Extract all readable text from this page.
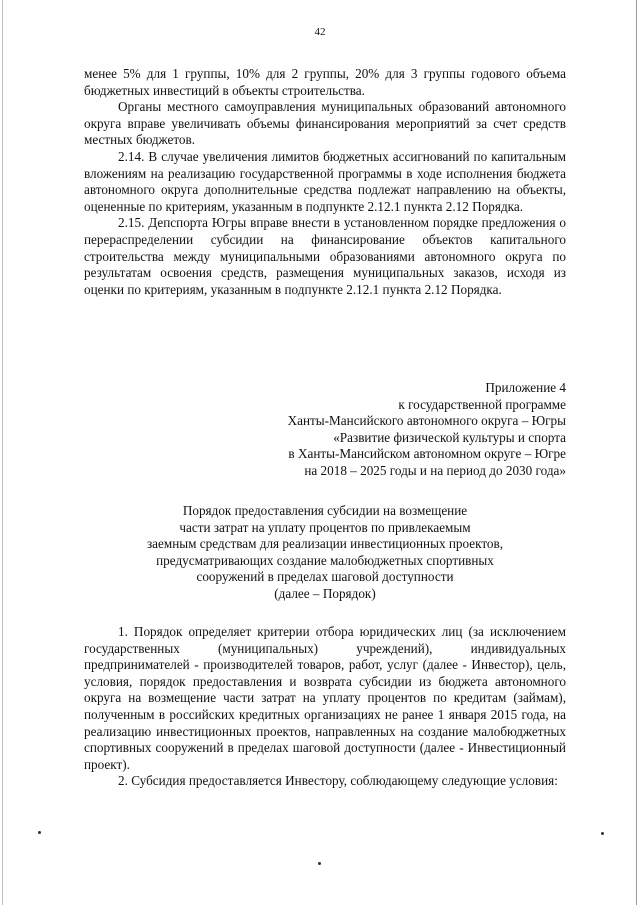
42

менее 5% для 1 группы, 10% для 2 группы, 20% для 3 группы годового объема бюджетных инвестиций в объекты строительства.

Органы местного самоуправления муниципальных образований автономного округа вправе увеличивать объемы финансирования мероприятий за счет средств местных бюджетов.

2.14. В случае увеличения лимитов бюджетных ассигнований по капитальным вложениям на реализацию государственной программы в ходе исполнения бюджета автономного округа дополнительные средства подлежат направлению на объекты, оцененные по критериям, указанным в подпункте 2.12.1 пункта 2.12 Порядка.

2.15. Депспорта Югры вправе внести в установленном порядке предложения о перераспределении субсидии на финансирование объектов капитального строительства между муниципальными образованиями автономного округа по результатам освоения средств, размещения муниципальных заказов, исходя из оценки по критериям, указанным в подпункте 2.12.1 пункта 2.12 Порядка.

Приложение 4
к государственной программе
Ханты-Мансийского автономного округа – Югры
«Развитие физической культуры и спорта
в Ханты-Мансийском автономном округе – Югре
на 2018 – 2025 годы и на период до 2030 года»
Порядок предоставления субсидии на возмещение
части затрат на уплату процентов по привлекаемым
заемным средствам для реализации инвестиционных проектов,
предусматривающих создание малобюджетных спортивных
сооружений в пределах шаговой доступности
(далее – Порядок)

1. Порядок определяет критерии отбора юридических лиц (за исключением государственных (муниципальных) учреждений), индивидуальных предпринимателей - производителей товаров, работ, услуг (далее - Инвестор), цель, условия, порядок предоставления и возврата субсидии из бюджета автономного округа на возмещение части затрат на уплату процентов по кредитам (займам), полученным в российских кредитных организациях не ранее 1 января 2015 года, на реализацию инвестиционных проектов, направленных на создание малобюджетных спортивных сооружений в пределах шаговой доступности (далее - Инвестиционный проект).

2. Субсидия предоставляется Инвестору, соблюдающему следующие условия:
